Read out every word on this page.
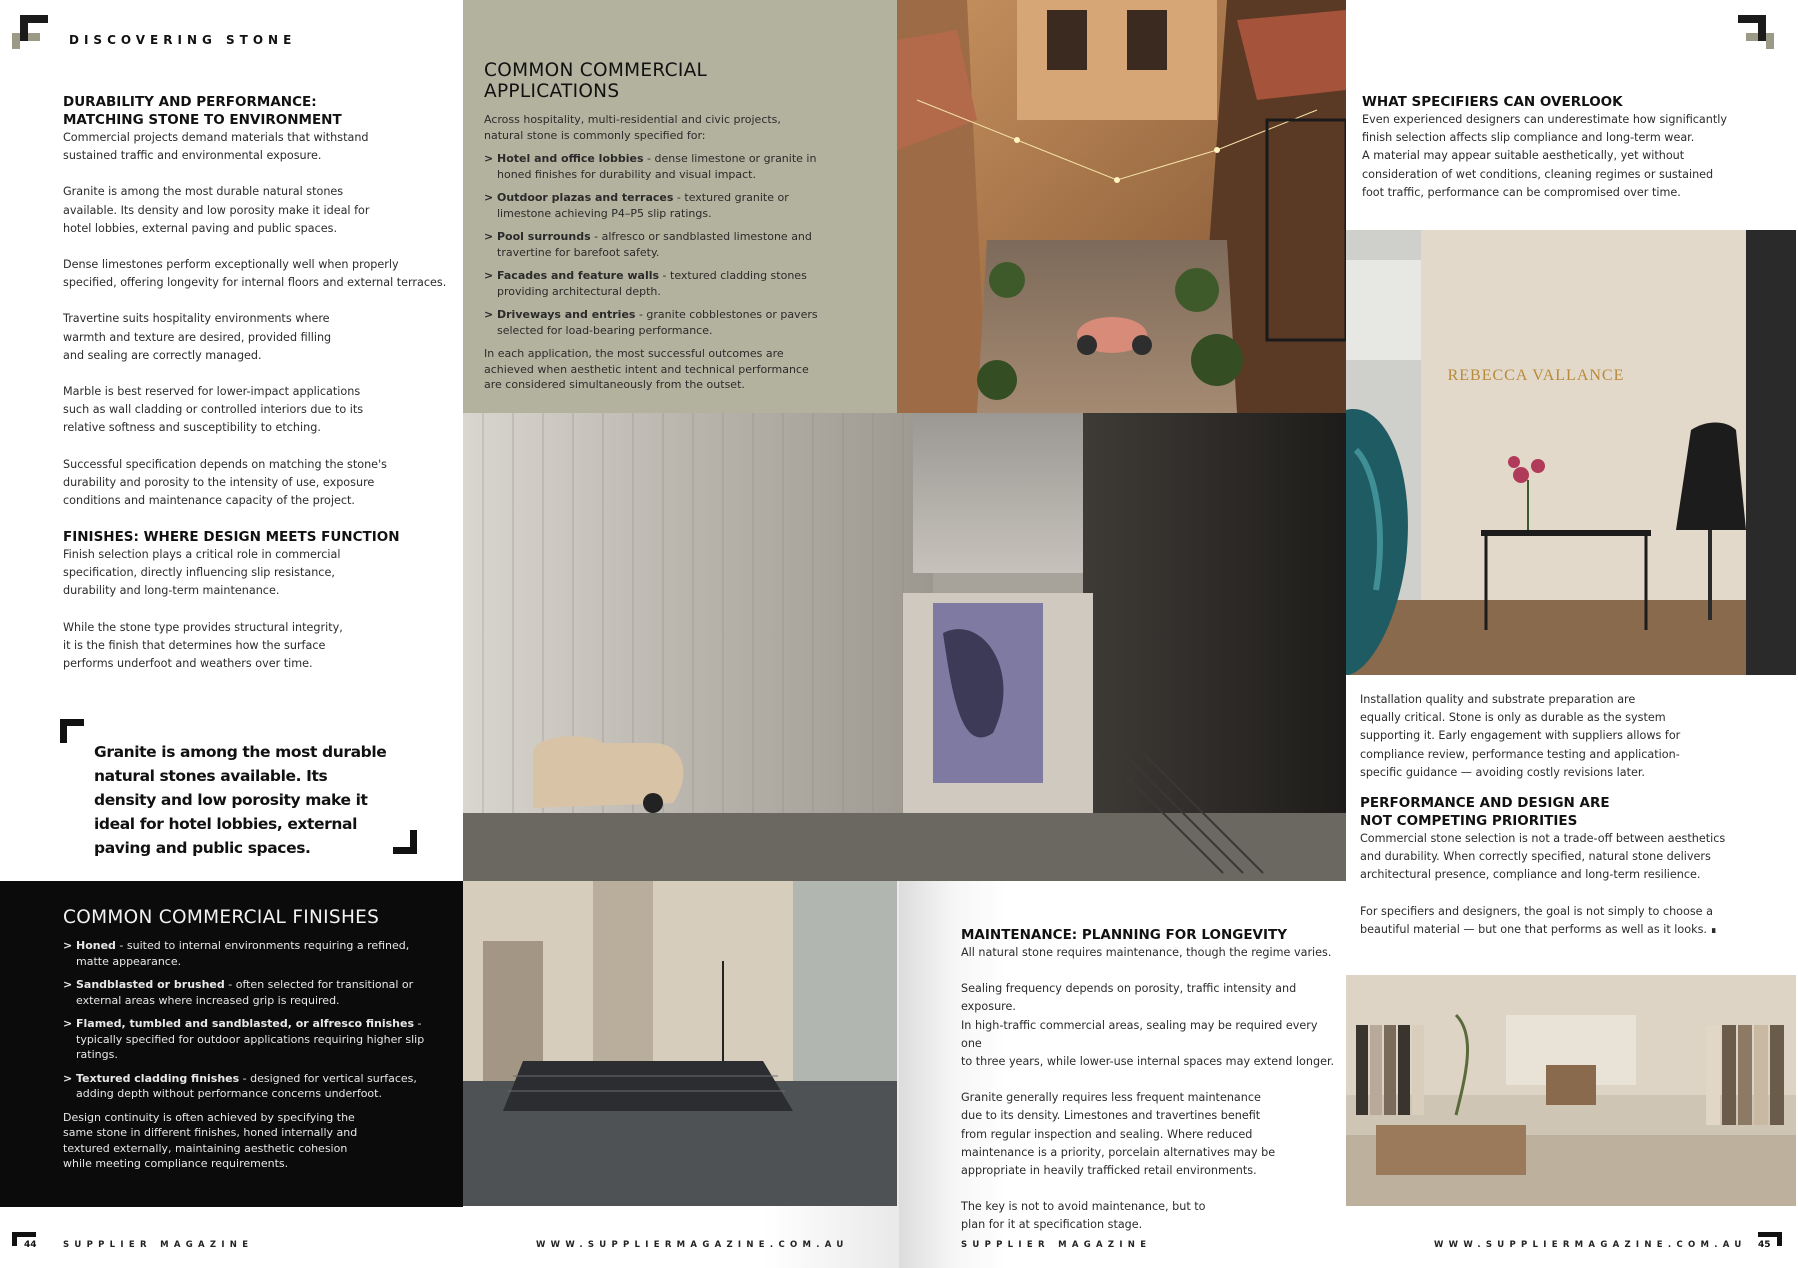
DISCOVERING STONE
DURABILITY AND PERFORMANCE:
MATCHING STONE TO ENVIRONMENT
Commercial projects demand materials that withstand
sustained traffic and environmental exposure.
Granite is among the most durable natural stones
available. Its density and low porosity make it ideal for
hotel lobbies, external paving and public spaces.
Dense limestones perform exceptionally well when properly
specified, offering longevity for internal floors and external terraces.
Travertine suits hospitality environments where
warmth and texture are desired, provided filling
and sealing are correctly managed.
Marble is best reserved for lower-impact applications
such as wall cladding or controlled interiors due to its
relative softness and susceptibility to etching.
Successful specification depends on matching the stone's
durability and porosity to the intensity of use, exposure
conditions and maintenance capacity of the project.
FINISHES: WHERE DESIGN MEETS FUNCTION
Finish selection plays a critical role in commercial
specification, directly influencing slip resistance,
durability and long-term maintenance.
While the stone type provides structural integrity,
it is the finish that determines how the surface
performs underfoot and weathers over time.
Granite is among the most durable natural stones available. Its density and low porosity make it ideal for hotel lobbies, external paving and public spaces.
COMMON COMMERCIAL FINISHES
> Honed - suited to internal environments requiring a refined, matte appearance.
> Sandblasted or brushed - often selected for transitional or external areas where increased grip is required.
> Flamed, tumbled and sandblasted, or alfresco finishes - typically specified for outdoor applications requiring higher slip ratings.
> Textured cladding finishes - designed for vertical surfaces, adding depth without performance concerns underfoot.
Design continuity is often achieved by specifying the
same stone in different finishes, honed internally and
textured externally, maintaining aesthetic cohesion
while meeting compliance requirements.
COMMON COMMERCIAL APPLICATIONS
Across hospitality, multi-residential and civic projects,
natural stone is commonly specified for:
> Hotel and office lobbies - dense limestone or granite in honed finishes for durability and visual impact.
> Outdoor plazas and terraces - textured granite or limestone achieving P4–P5 slip ratings.
> Pool surrounds - alfresco or sandblasted limestone and travertine for barefoot safety.
> Facades and feature walls - textured cladding stones providing architectural depth.
> Driveways and entries - granite cobblestones or pavers selected for load-bearing performance.
In each application, the most successful outcomes are
achieved when aesthetic intent and technical performance
are considered simultaneously from the outset.
REBECCA VALLANCE
WHAT SPECIFIERS CAN OVERLOOK
Even experienced designers can underestimate how significantly
finish selection affects slip compliance and long-term wear.
A material may appear suitable aesthetically, yet without
consideration of wet conditions, cleaning regimes or sustained
foot traffic, performance can be compromised over time.
Installation quality and substrate preparation are
equally critical. Stone is only as durable as the system
supporting it. Early engagement with suppliers allows for
compliance review, performance testing and application-
specific guidance — avoiding costly revisions later.
PERFORMANCE AND DESIGN ARE
NOT COMPETING PRIORITIES
Commercial stone selection is not a trade-off between aesthetics
and durability. When correctly specified, natural stone delivers
architectural presence, compliance and long-term resilience.
For specifiers and designers, the goal is not simply to choose a
beautiful material — but one that performs as well as it looks. ∎
MAINTENANCE: PLANNING FOR LONGEVITY
All natural stone requires maintenance, though the regime varies.
Sealing frequency depends on porosity, traffic intensity and exposure.
In high-traffic commercial areas, sealing may be required every one
to three years, while lower-use internal spaces may extend longer.
Granite generally requires less frequent maintenance
due to its density. Limestones and travertines benefit
from regular inspection and sealing. Where reduced
maintenance is a priority, porcelain alternatives may be
appropriate in heavily trafficked retail environments.
The key is not to avoid maintenance, but to
plan for it at specification stage.
44	SUPPLIER MAGAZINE	WWW.SUPPLIERMAGAZINE.COM.AU	SUPPLIER MAGAZINE	WWW.SUPPLIERMAGAZINE.COM.AU 45
